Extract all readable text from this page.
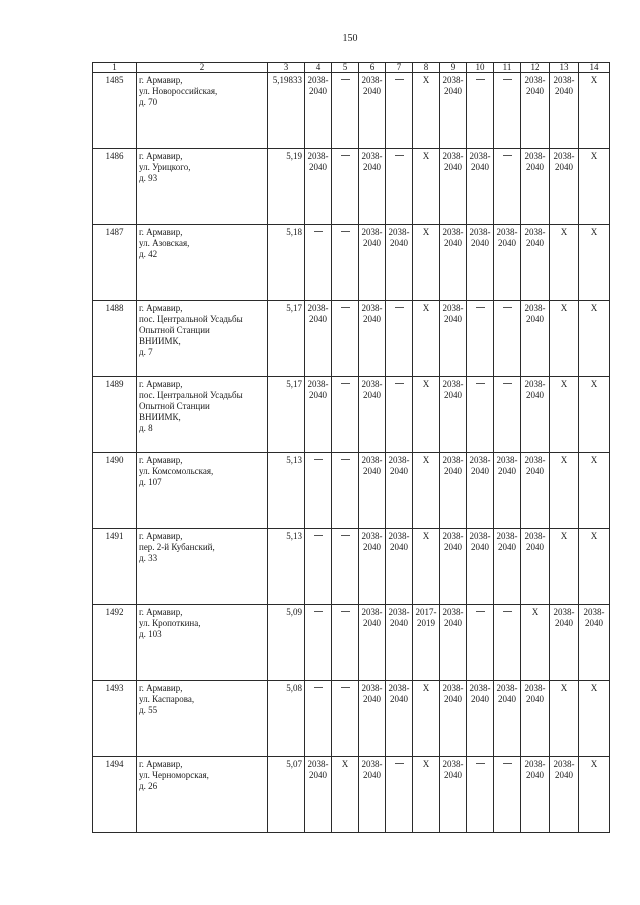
150
1	2	3	4	5	6	7	8	9	10	11	12	13	14
1485	г. Армавир,
ул. Новороссийская,
д. 70	5,19833	2038-
2040		2038-
2040		X	2038-
2040			2038-
2040	2038-
2040	X
1486	г. Армавир,
ул. Урицкого,
д. 93	5,19	2038-
2040		2038-
2040		X	2038-
2040	2038-
2040		2038-
2040	2038-
2040	X
1487	г. Армавир,
ул. Азовская,
д. 42	5,18			2038-
2040	2038-
2040	X	2038-
2040	2038-
2040	2038-
2040	2038-
2040	X	X
1488	г. Армавир,
пос. Центральной Усадьбы
Опытной Станции
ВНИИМК,
д. 7	5,17	2038-
2040		2038-
2040		X	2038-
2040			2038-
2040	X	X
1489	г. Армавир,
пос. Центральной Усадьбы
Опытной Станции
ВНИИМК,
д. 8	5,17	2038-
2040		2038-
2040		X	2038-
2040			2038-
2040	X	X
1490	г. Армавир,
ул. Комсомольская,
д. 107	5,13			2038-
2040	2038-
2040	X	2038-
2040	2038-
2040	2038-
2040	2038-
2040	X	X
1491	г. Армавир,
пер. 2-й Кубанский,
д. 33	5,13			2038-
2040	2038-
2040	X	2038-
2040	2038-
2040	2038-
2040	2038-
2040	X	X
1492	г. Армавир,
ул. Кропоткина,
д. 103	5,09			2038-
2040	2038-
2040	2017-
2019	2038-
2040			X	2038-
2040	2038-
2040

1493	г. Армавир,
ул. Каспарова,
д. 55	5,08			2038-
2040	2038-
2040	X	2038-
2040	2038-
2040	2038-
2040	2038-
2040	X	X
1494	г. Армавир,
ул. Черноморская,
д. 26	5,07	2038-
2040	X	2038-
2040		X	2038-
2040			2038-
2040	2038-
2040	X
